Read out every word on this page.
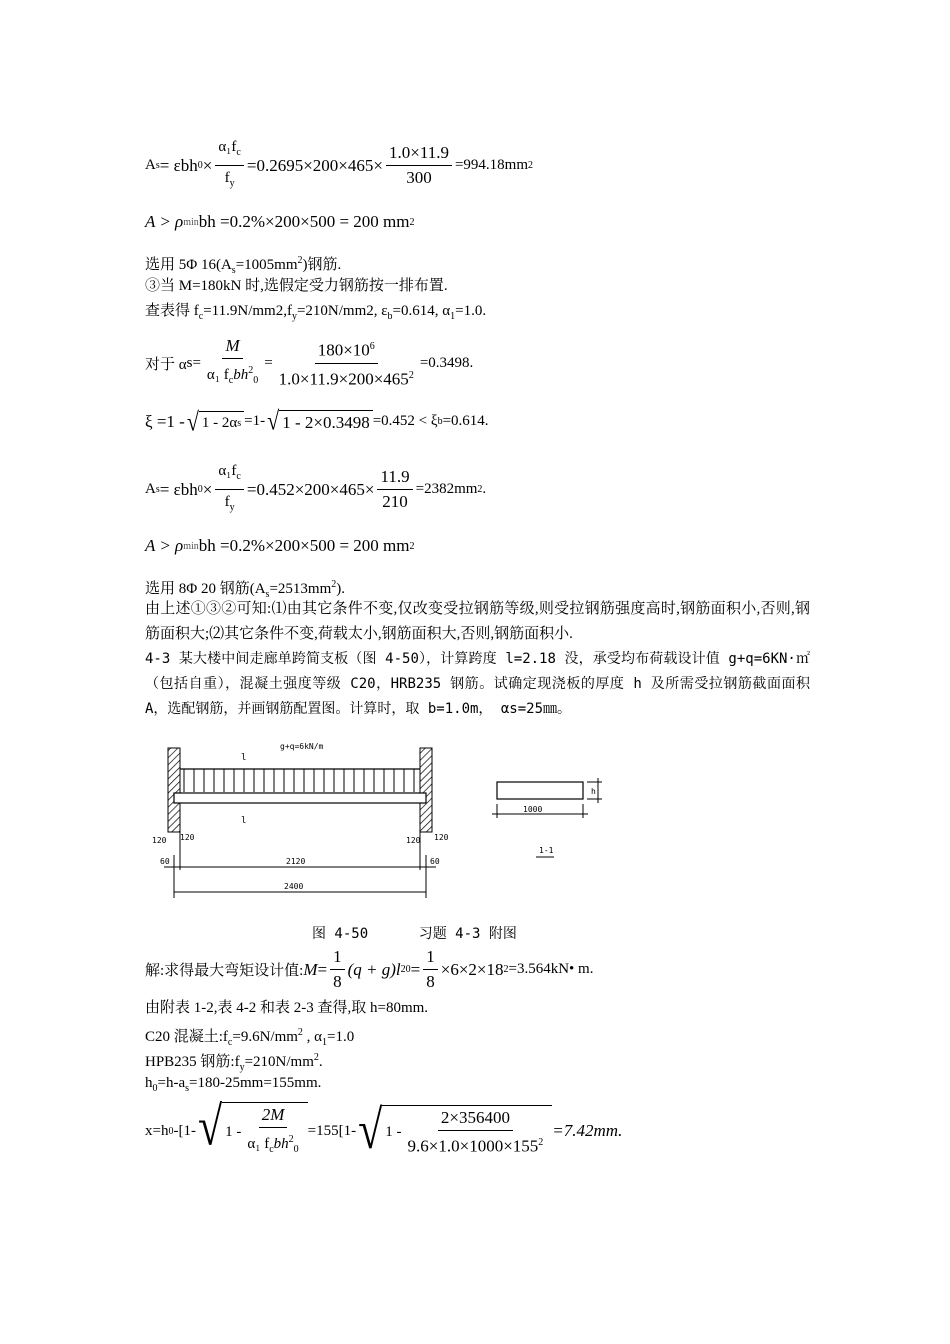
A s = εbh $0 \times \frac{\alpha_1f_c}{f_y} =0.2695\times 200\times 465\times \frac{1.0\times 11.9}{300} =994.18mm$ 2
A > ρ min bh =0.2%×200×500 = 200 mm 2
选用 5Φ $16(A_s=1005mm^2)$钢筋.
③当 M=180kN 时,选假定受力钢筋按一排布置.
查表得 $f_c=11.9N/mm2,f_y=210N/mm2$, $\varepsilon_b=0.614$, $\alpha_1=1.0$.
对于 α $s= \frac{M}{\alpha_1 f_cbh^2_0} = \frac{180\times 10^6}{1.0\times 11.9\times 200\times 465^2} =0.3498$.
ξ =1 - √ 1 - 2α s =1- √ 1 - 2×0.3498 =0.452 < ξ b =0.614.
A s = εbh $0 \times \frac{\alpha_1f_c}{f_y} =0.452\times 200\times 465\times \frac{11.9}{210} =2382mm$ 2 .
A > ρ min bh =0.2%×200×500 = 200 mm 2
选用 8Φ 20 钢筋$(A_s=2513mm^2)$.
由上述①③②可知:⑴由其它条件不变,仅改变受拉钢筋等级,则受拉钢筋强度高时,钢筋面积小,否则,钢筋面积大;⑵其它条件不变,荷载太小,钢筋面积大,否则,钢筋面积小.
4-3 某大楼中间走廊单跨简支板（图 4-50），计算跨度 l=2.18 没，承受均布荷载设计值 g+q=6KN·㎡（包括自重），混凝土强度等级 C20，HRB235 钢筋。试确定现浇板的厚度 h 及所需受拉钢筋截面面积 A，选配钢筋，并画钢筋配置图。计算时，取 b=1.0m， αs=25㎜。
g+q=6kN/m
l
l
120 120	120 120
60	60
2120
2400
1000
h
1-1
图 4-50      习题 4-3 附图
解:求得最大弯矩设计值: $M = \frac{1}{8} (q + g)l$ 2 $0 = \frac{1}{8} \times 6\times 2\times 18$ 2 =3.564kN• m.
由附表 1-2,表 4-2 和表 2-3 查得,取 h=80mm.
C20 混凝土$:f_c=9.6N/mm^2$ , $\alpha_1=1.0$
HPB235 钢筋$:f_y=210N/mm^2$.
$h_0=h-a_s=180-25mm=155mm$.
x=h 0 -[1- √ $1 - \frac{2M}{\alpha_1 f_cbh^2_0} =155[1-$ √ $1 - \frac{2\times 356400}{9.6\times 1.0\times 1000\times 155^2} =7.42mm$.
